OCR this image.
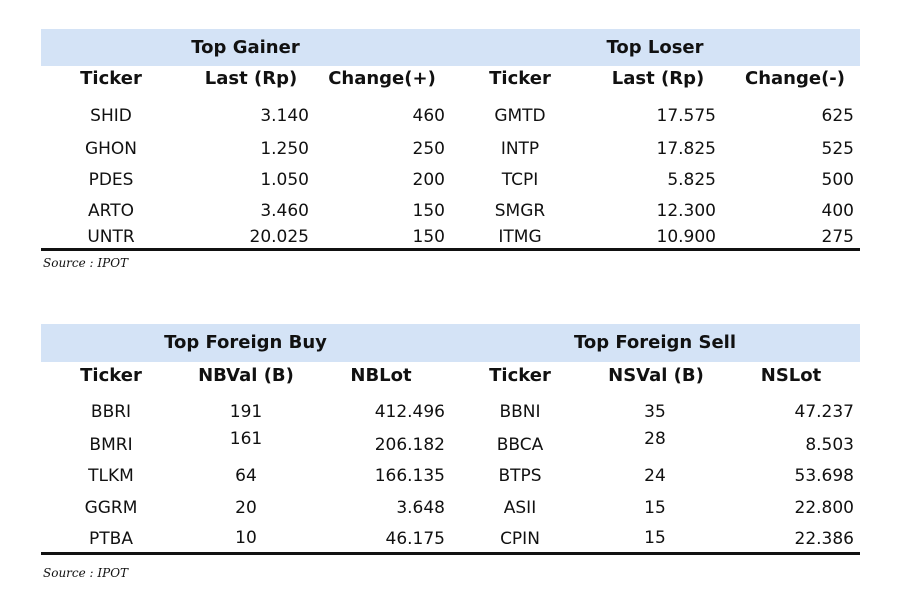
Top Gainer	Top Loser
Ticker	Last (Rp)	Change(+)	Ticker	Last (Rp)	Change(-)
SHID	3.140	460	GMTD	17.575	625
GHON	1.250	250	INTP	17.825	525
PDES	1.050	200	TCPI	5.825	500
ARTO	3.460	150	SMGR	12.300	400
UNTR	20.025	150	ITMG	10.900	275
Source : IPOT
Top Foreign Buy	Top Foreign Sell
Ticker	NBVal (B)	NBLot	Ticker	NSVal (B)	NSLot
BBRI	191	412.496	BBNI	35	47.237
BMRI	161	206.182	BBCA	28	8.503
TLKM	64	166.135	BTPS	24	53.698
GGRM	20	3.648	ASII	15	22.800
PTBA	10	46.175	CPIN	15	22.386
Source : IPOT
